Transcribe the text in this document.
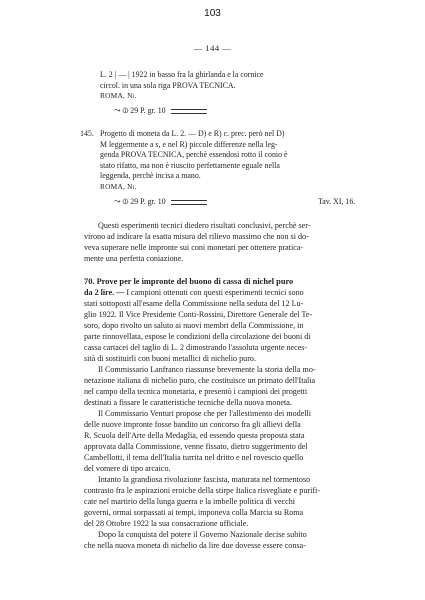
103
— 144 —
L. 2 | — | 1922 in basso fra la ghirlanda e la cornice
circol. in una sola riga PROVA TECNICA.
ROMA, Ni.
⤳ ⦶ 29 P. gr. 10
145. Progetto di moneta da L. 2. — D) e R) c. prec. però nel D)
M leggermente a s, e nel R) piccole differenze nella leg-
genda PROVA TECNICA, perchè essendosi rotto il conio è
stato rifatto, ma non è riuscito perfettamente eguale nella
leggenda, perchè incisa a mano.
ROMA, Ni.
⤳ ⦶ 29 P. gr. 10	Tav. XI, 16.
Questi esperimenti tecnici diedero risultati conclusivi, perchè ser-
virono ad indicare la esatta misura del rilievo massimo che non si do-
veva superare nelle impronte sui coni monetari per ottenere pratica-
mente una perfetta coniazione.
70. Prove per le impronte del buono di cassa di nichel puro
da 2 lire. — I campioni ottenuti con questi esperimenti tecnici sono
stati sottoposti all'esame della Commissione nella seduta del 12 Lu-
glio 1922. Il Vice Presidente Conti-Rossini, Direttore Generale del Te-
soro, dopo rivolto un saluto ai nuovi membri della Commissione, in
parte rinnovellata, espose le condizioni della circolazione dei buoni di
cassa cartacei del taglio di L. 2 dimostrando l'assoluta urgente neces-
sità di sostituirli con buoni metallici di nichelio puro.
Il Commissario Lanfranco riassunse brevemente la storia della mo-
netazione italiana di nichelio puro, che costituisce un primato dell'Italia
nel campo della tecnica monetaria, e presentò i campioni dei progetti
destinati a fissare le caratteristiche tecniche della nuova moneta.
Il Commissario Venturi propose che per l'allestimento dei modelli
delle nuove impronte fosse bandito un concorso fra gli allievi della
R. Scuola dell'Arte della Medaglia, ed essendo questa proposta stata
approvata dalla Commissione, venne fissato, dietro suggerimento del
Cambellotti, il tema dell'Italia turrita nel dritto e nel rovescio quello
del vomere di tipo arcaico.
Intanto la grandiosa rivoluzione fascista, maturata nel tormentoso
contrasto fra le aspirazioni eroiche della stirpe Italica risvegliate e purifi-
cate nel martirio della lunga guerra e la imbelle politica di vecchi
governi, ormai sorpassati ai tempi, imponeva colla Marcia su Roma
del 28 Ottobre 1922 la sua consacrazione ufficiale.
Dopo la conquista del potere il Governo Nazionale decise subito
che nella nuova moneta di nichelio da lire due dovesse essere consa-
